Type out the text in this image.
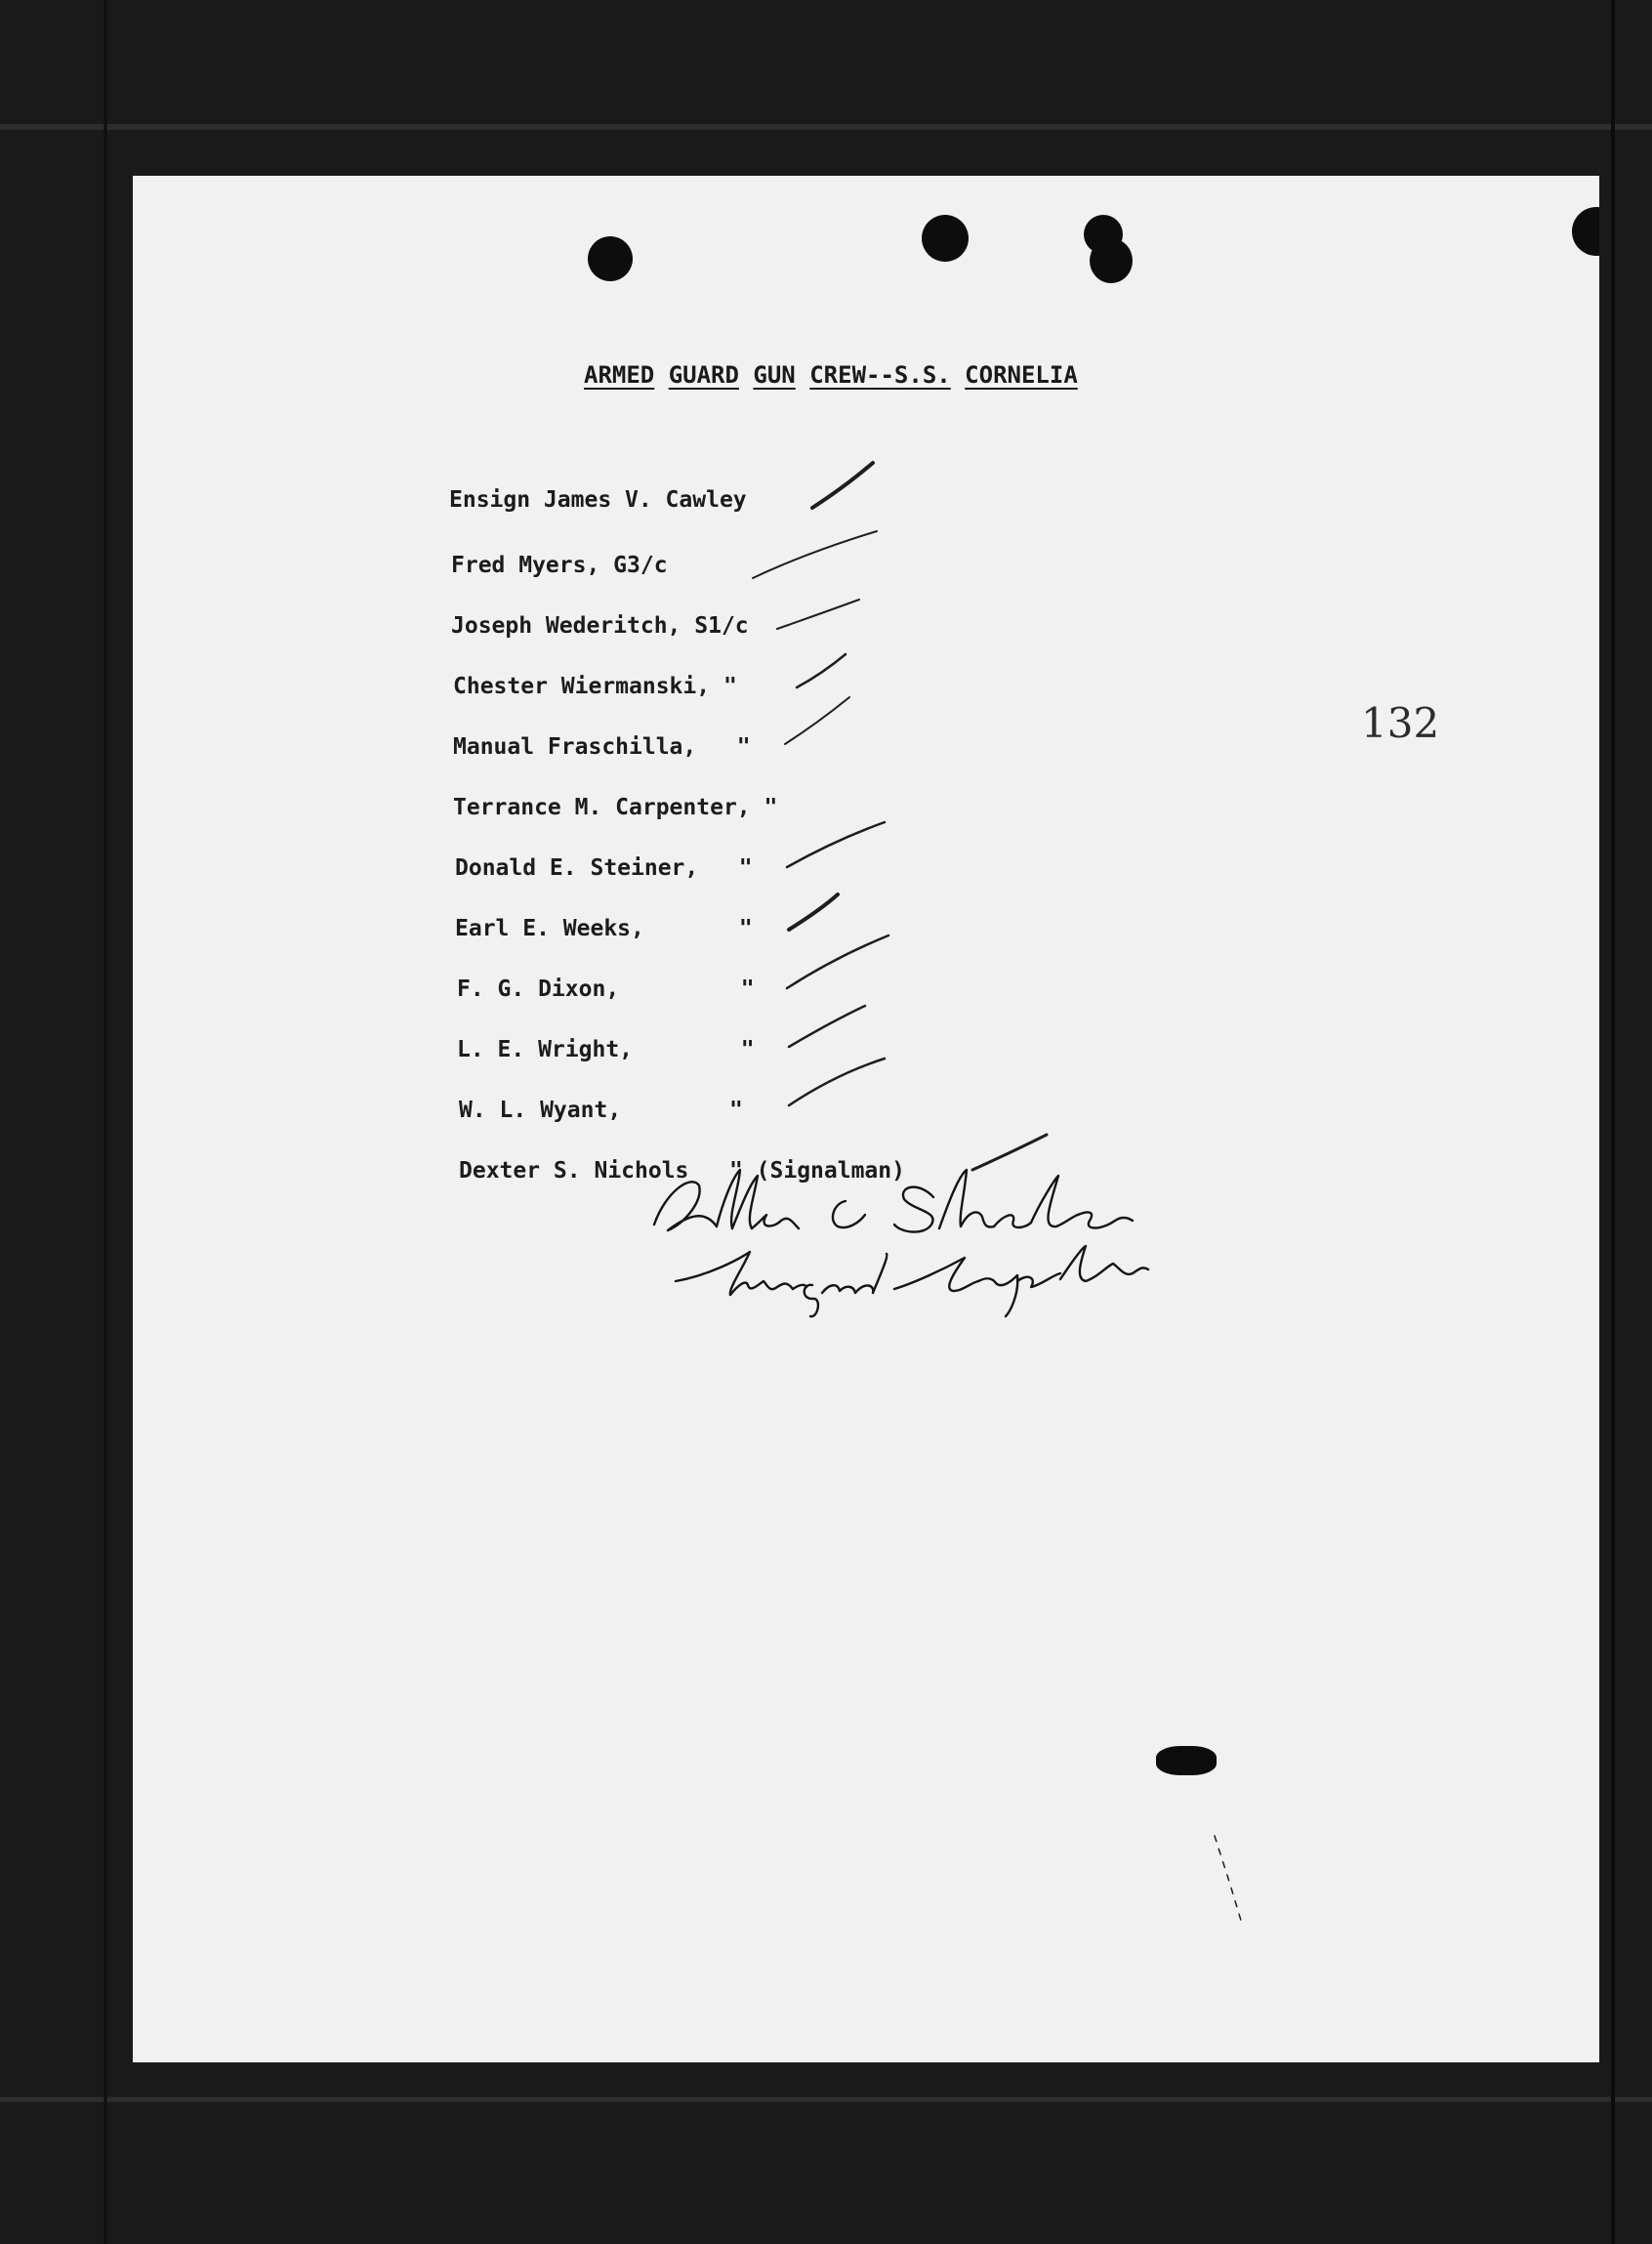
ARMED GUARD GUN CREW--S.S. CORNELIA
Ensign James V. Cawley
Fred Myers, G3/c
Joseph Wederitch, S1/c
Chester Wiermanski, "
Manual Fraschilla, "
Terrance M. Carpenter, "
Donald E. Steiner, "
Earl E. Weeks,	"
F. G. Dixon,	"
L. E. Wright,	"
W. L. Wyant,	"
Dexter S. Nichols " (Signalman)
132
